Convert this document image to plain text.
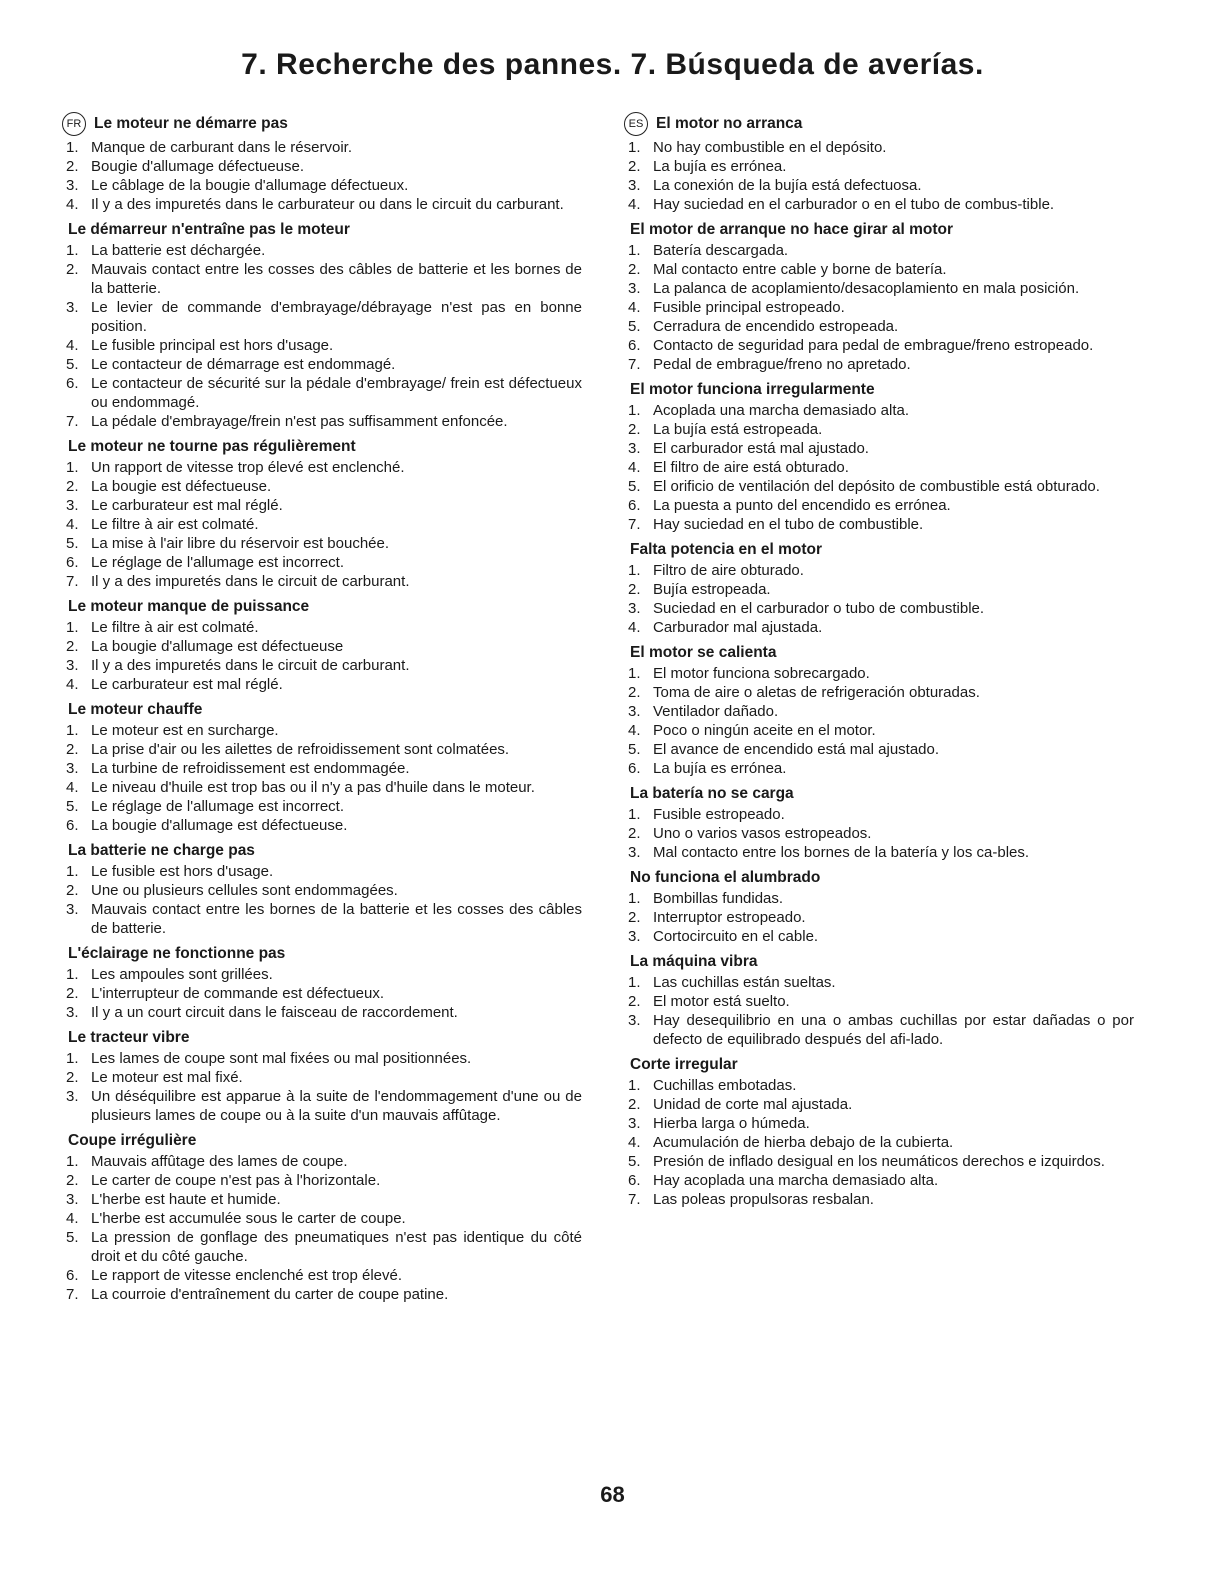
7. Recherche des pannes. 7. Búsqueda de averías.
FR Le moteur ne démarre pas
1. Manque de carburant dans le réservoir.
2. Bougie d'allumage défectueuse.
3. Le câblage de la bougie d'allumage défectueux.
4. Il y a des impuretés dans le carburateur ou dans le circuit du carburant.
Le démarreur n'entraîne pas le moteur
1. La batterie est déchargée.
2. Mauvais contact entre les cosses des câbles de batterie et les bornes de la batterie.
3. Le levier de commande d'embrayage/débrayage n'est pas en bonne position.
4. Le fusible principal est hors d'usage.
5. Le contacteur de démarrage est endommagé.
6. Le contacteur de sécurité sur la pédale d'embrayage/ frein est défectueux ou endommagé.
7. La pédale d'embrayage/frein n'est pas suffisamment enfoncée.
Le moteur ne tourne pas régulièrement
1. Un rapport de vitesse trop élevé est enclenché.
2. La bougie est défectueuse.
3. Le carburateur est mal réglé.
4. Le filtre à air est colmaté.
5. La mise à l'air libre du réservoir est bouchée.
6. Le réglage de l'allumage est incorrect.
7. Il y a des impuretés dans le circuit de carburant.
Le moteur manque de puissance
1. Le filtre à air est colmaté.
2. La bougie d'allumage est défectueuse
3. Il y a des impuretés dans le circuit de carburant.
4. Le carburateur est mal réglé.
Le moteur chauffe
1. Le moteur est en surcharge.
2. La prise d'air ou les ailettes de refroidissement sont colmatées.
3. La turbine de refroidissement est endommagée.
4. Le niveau d'huile est trop bas ou il n'y a pas d'huile dans le moteur.
5. Le réglage de l'allumage est incorrect.
6. La bougie d'allumage est défectueuse.
La batterie ne charge pas
1. Le fusible est hors d'usage.
2. Une ou plusieurs cellules sont endommagées.
3. Mauvais contact entre les bornes de la batterie et les cosses des câbles de batterie.
L'éclairage ne fonctionne pas
1. Les ampoules sont grillées.
2. L'interrupteur de commande est défectueux.
3. Il y a un court circuit dans le faisceau de raccordement.
Le tracteur vibre
1. Les lames de coupe sont mal fixées ou mal positionnées.
2. Le moteur est mal fixé.
3. Un déséquilibre est apparue à la suite de l'endommagement d'une ou de plusieurs lames de coupe ou à la suite d'un mauvais affûtage.
Coupe irrégulière
1. Mauvais affûtage des lames de coupe.
2. Le carter de coupe n'est pas à l'horizontale.
3. L'herbe est haute et humide.
4. L'herbe est accumulée sous le carter de coupe.
5. La pression de gonflage des pneumatiques n'est pas identique du côté droit et du côté gauche.
6. Le rapport de vitesse enclenché est trop élevé.
7. La courroie d'entraînement du carter de coupe patine.
ES El motor no arranca
1. No hay combustible en el depósito.
2. La bujía es errónea.
3. La conexión de la bujía está defectuosa.
4. Hay suciedad en el carburador o en el tubo de combus-tible.
El motor de arranque no hace girar al motor
1. Batería descargada.
2. Mal contacto entre cable y borne de batería.
3. La palanca de acoplamiento/desacoplamiento en mala posición.
4. Fusible principal estropeado.
5. Cerradura de encendido estropeada.
6. Contacto de seguridad para pedal de embrague/freno estropeado.
7. Pedal de embrague/freno no apretado.
El motor funciona irregularmente
1. Acoplada una marcha demasiado alta.
2. La bujía está estropeada.
3. El carburador está mal ajustado.
4. El filtro de aire está obturado.
5. El orificio de ventilación del depósito de combustible está obturado.
6. La puesta a punto del encendido es errónea.
7. Hay suciedad en el tubo de combustible.
Falta potencia en el motor
1. Filtro de aire obturado.
2. Bujía estropeada.
3. Suciedad en el carburador o tubo de combustible.
4. Carburador mal ajustada.
El motor se calienta
1. El motor funciona sobrecargado.
2. Toma de aire o aletas de refrigeración obturadas.
3. Ventilador dañado.
4. Poco o ningún aceite en el motor.
5. El avance de encendido está mal ajustado.
6. La bujía es errónea.
La batería no se carga
1. Fusible estropeado.
2. Uno o varios vasos estropeados.
3. Mal contacto entre los bornes de la batería y los ca-bles.
No funciona el alumbrado
1. Bombillas fundidas.
2. Interruptor estropeado.
3. Cortocircuito en el cable.
La máquina vibra
1. Las cuchillas están sueltas.
2. El motor está suelto.
3. Hay desequilibrio en una o ambas cuchillas por estar dañadas o por defecto de equilibrado después del afi-lado.
Corte irregular
1. Cuchillas embotadas.
2. Unidad de corte mal ajustada.
3. Hierba larga o húmeda.
4. Acumulación de hierba debajo de la cubierta.
5. Presión de inflado desigual en los neumáticos derechos e izquirdos.
6. Hay acoplada una marcha demasiado alta.
7. Las poleas propulsoras resbalan.
68
